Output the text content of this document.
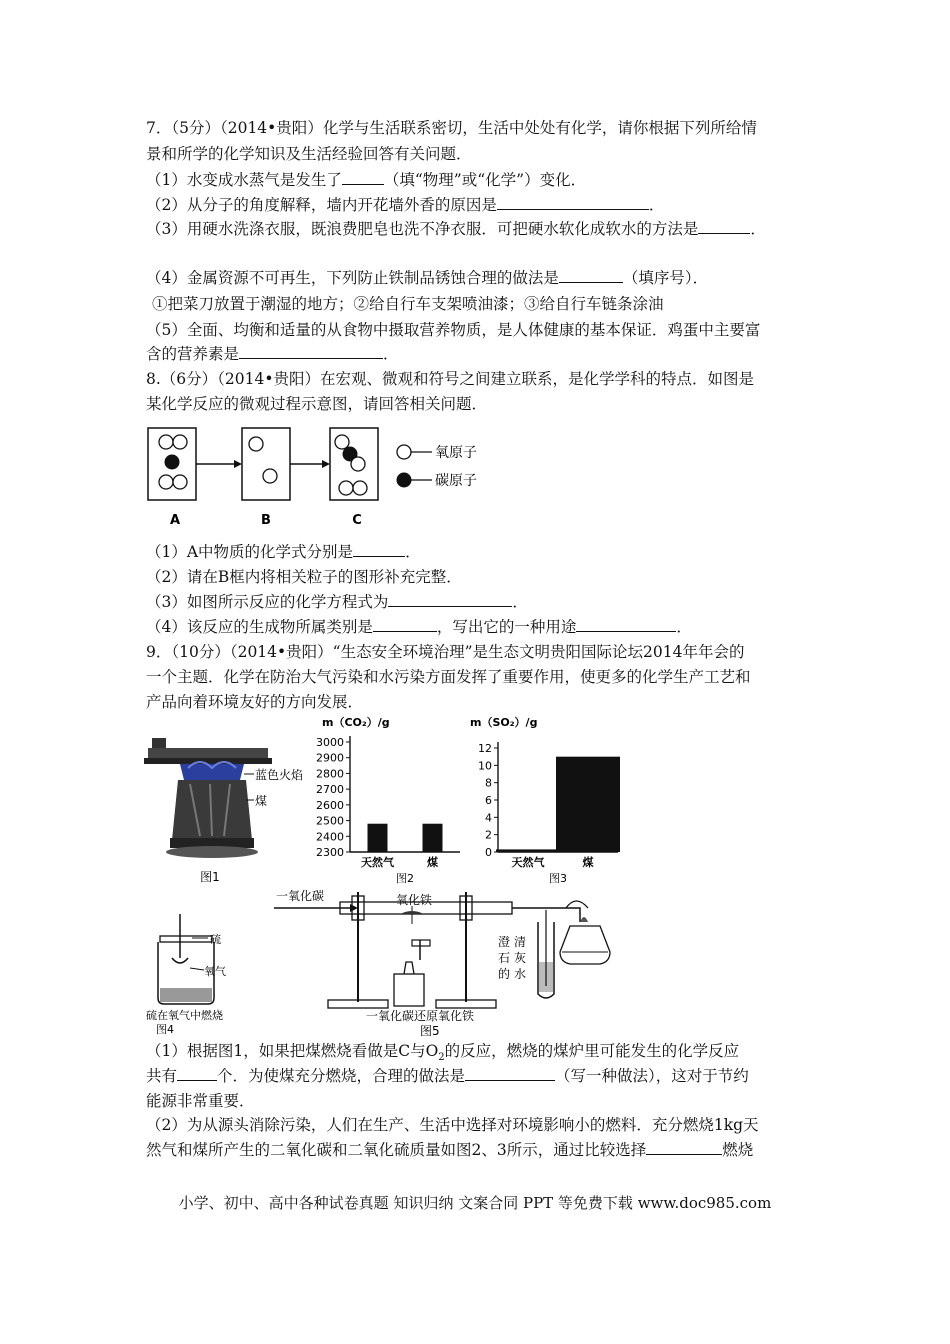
7．（5分）（2014•贵阳）化学与生活联系密切，生活中处处有化学，请你根据下列所给情
景和所学的化学知识及生活经验回答有关问题．
（1）水变成水蒸气是发生了	（填“物理”或“化学”）变化．
（2）从分子的角度解释，墙内开花墙外香的原因是	．
（3）用硬水洗涤衣服，既浪费肥皂也洗不净衣服．可把硬水软化成软水的方法是	．
（4）金属资源不可再生，下列防止铁制品锈蚀合理的做法是	（填序号）．
①把菜刀放置于潮湿的地方；②给自行车支架喷油漆；③给自行车链条涂油
（5）全面、均衡和适量的从食物中摄取营养物质，是人体健康的基本保证．鸡蛋中主要富
含的营养素是	．
8.（6分）（2014•贵阳）在宏观、微观和符号之间建立联系，是化学学科的特点．如图是
某化学反应的微观过程示意图，请回答相关问题．
氧原子
碳原子
A	B	C
（1）A中物质的化学式分别是	．
（2）请在B框内将相关粒子的图形补充完整．
（3）如图所示反应的化学方程式为	．
（4）该反应的生成物所属类别是	，写出它的一种用途	．
9．（10分）（2014•贵阳）“生态安全环境治理”是生态文明贵阳国际论坛2014年年会的
一个主题．化学在防治大气污染和水污染方面发挥了重要作用，使更多的化学生产工艺和
产品向着环境友好的方向发展．
蓝色火焰
煤
图1
m（CO₂）/g
3000
2900
2800
2700
2600
2500
2400
2300
天然气	煤
图2
m（SO₂）/g
12
10
8
6
4
2
0
天然气	煤
图3
硫
氧气
硫在氧气中燃烧
图4
一氧化碳	氧化铁
澄
石
清
灰
的 水
一氧化碳还原氧化铁
图5
（1）根据图1，如果把煤燃烧看做是C与$O_2$的反应，燃烧的煤炉里可能发生的化学反应
共有	个．为使煤充分燃烧，合理的做法是	（写一种做法），这对于节约
能源非常重要．
（2）为从源头消除污染，人们在生产、生活中选择对环境影响小的燃料．充分燃烧1kg天
然气和煤所产生的二氧化碳和二氧化硫质量如图2、3所示，通过比较选择	燃烧
小学、初中、高中各种试卷真题 知识归纳 文案合同 PPT 等免费下载 www.doc985.com
